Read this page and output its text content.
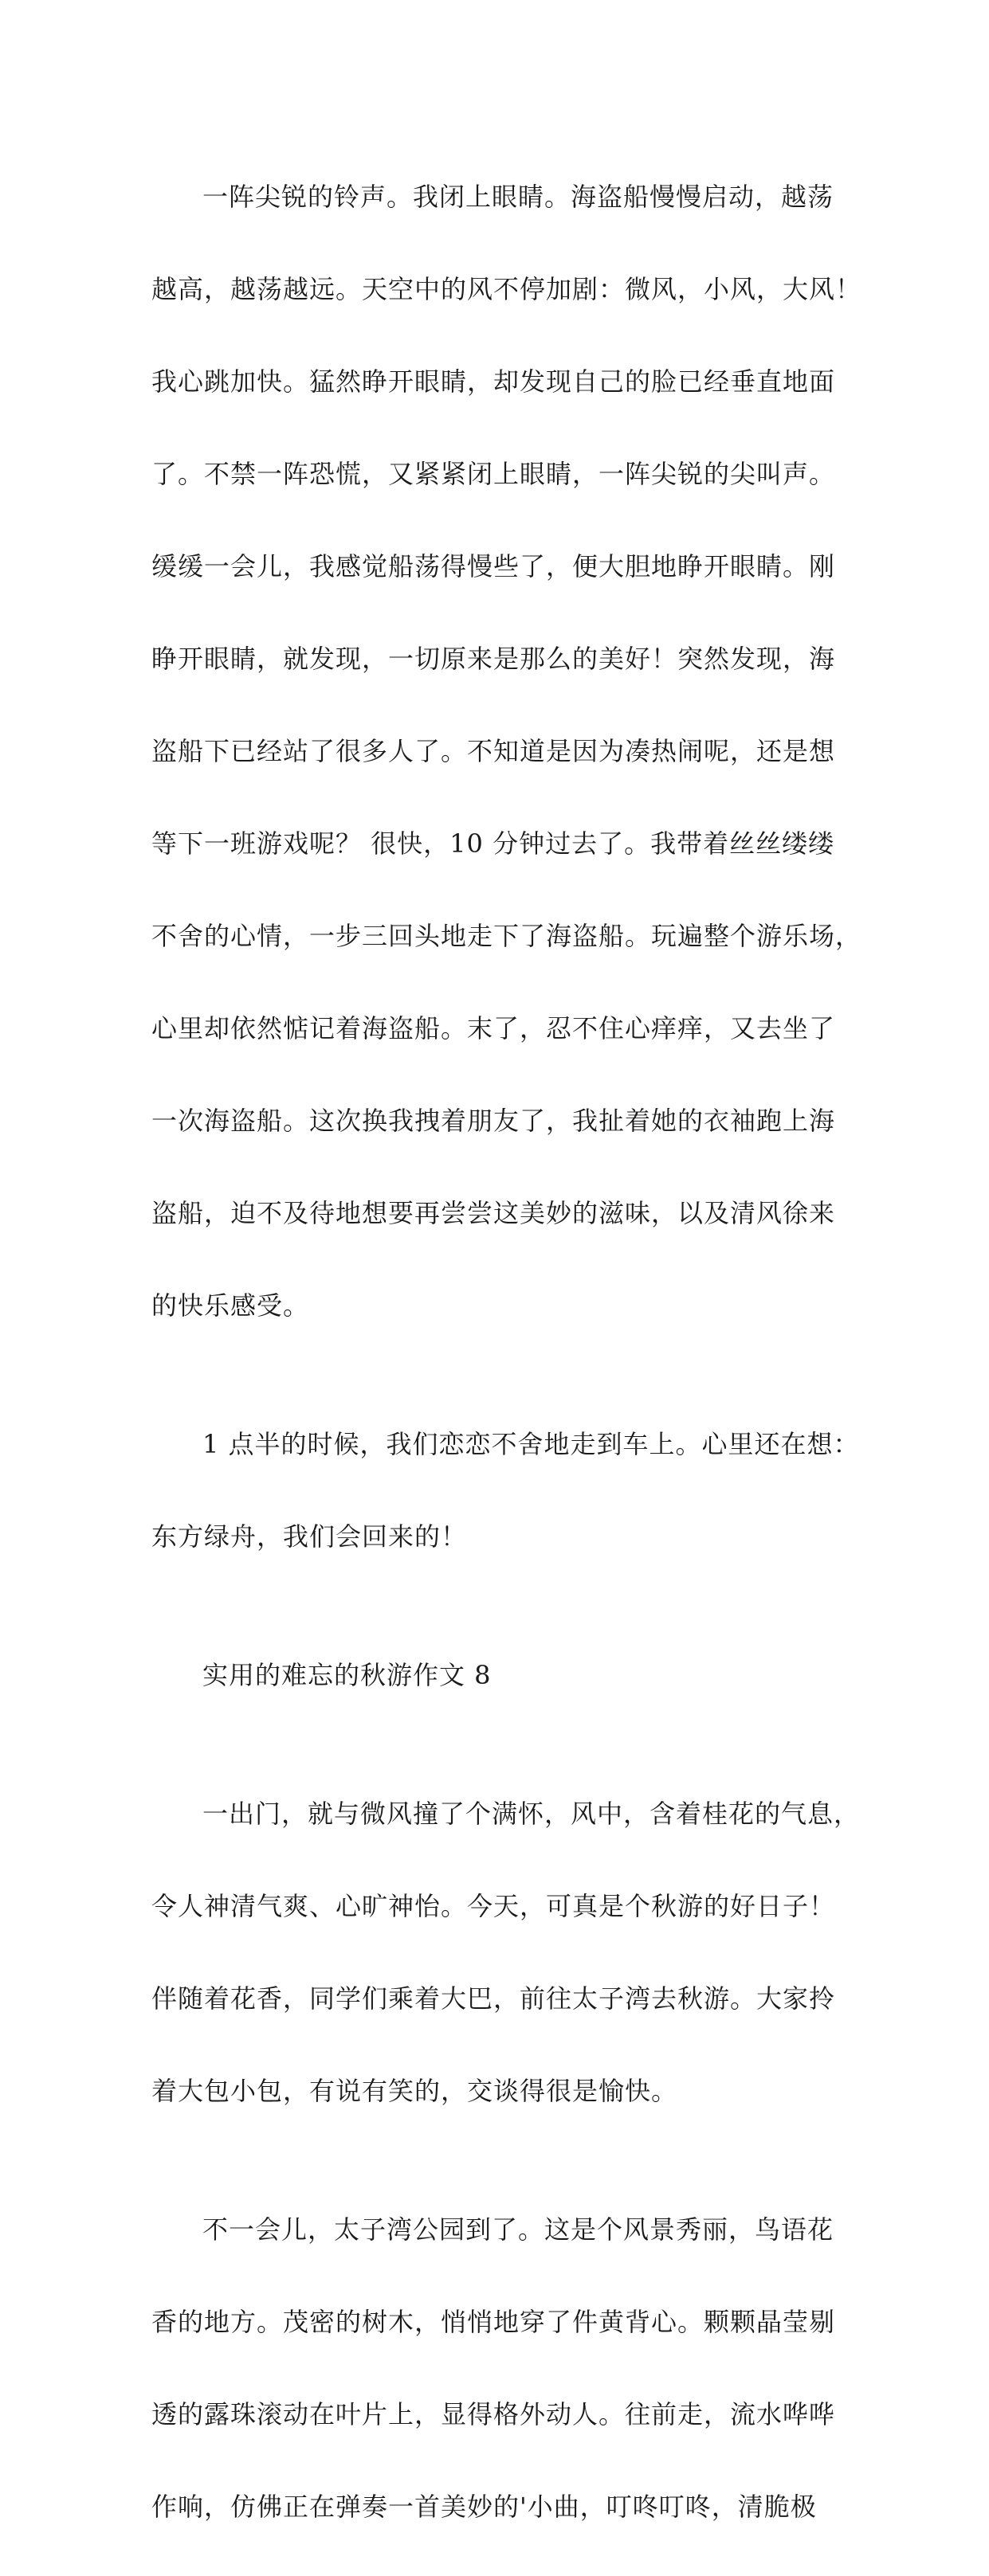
一阵尖锐的铃声。我闭上眼睛。海盗船慢慢启动，越荡

越高，越荡越远。天空中的风不停加剧：微风，小风，大风！

我心跳加快。猛然睁开眼睛，却发现自己的脸已经垂直地面

了。不禁一阵恐慌，又紧紧闭上眼睛，一阵尖锐的尖叫声。

缓缓一会儿，我感觉船荡得慢些了，便大胆地睁开眼睛。刚

睁开眼睛，就发现，一切原来是那么的美好！突然发现，海

盗船下已经站了很多人了。不知道是因为凑热闹呢，还是想

等下一班游戏呢？ 很快，10 分钟过去了。我带着丝丝缕缕

不舍的心情，一步三回头地走下了海盗船。玩遍整个游乐场，

心里却依然惦记着海盗船。末了，忍不住心痒痒，又去坐了

一次海盗船。这次换我拽着朋友了，我扯着她的衣袖跑上海

盗船，迫不及待地想要再尝尝这美妙的滋味，以及清风徐来

的快乐感受。

1 点半的时候，我们恋恋不舍地走到车上。心里还在想：

东方绿舟，我们会回来的！

实用的难忘的秋游作文 8

一出门，就与微风撞了个满怀，风中，含着桂花的气息，

令人神清气爽、心旷神怡。今天，可真是个秋游的好日子！

伴随着花香，同学们乘着大巴，前往太子湾去秋游。大家拎

着大包小包，有说有笑的，交谈得很是愉快。

不一会儿，太子湾公园到了。这是个风景秀丽，鸟语花

香的地方。茂密的树木，悄悄地穿了件黄背心。颗颗晶莹剔

透的露珠滚动在叶片上，显得格外动人。往前走，流水哗哗

作响，仿佛正在弹奏一首美妙的'小曲，叮咚叮咚，清脆极
